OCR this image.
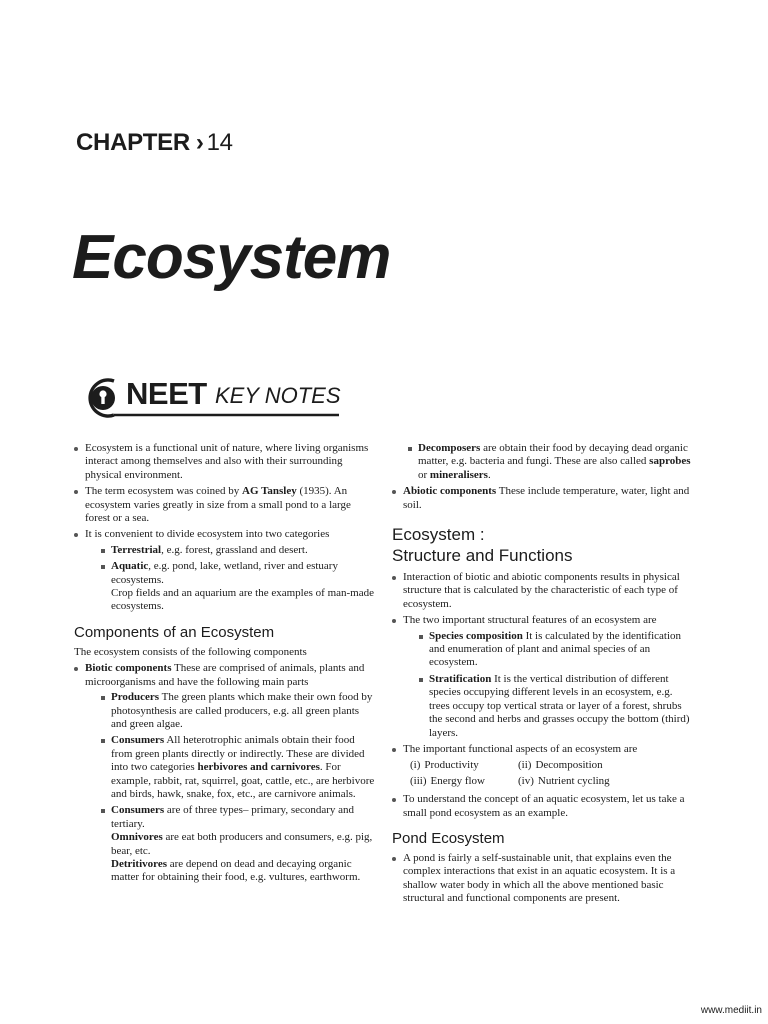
CHAPTER › 14
Ecosystem
NEET KEY NOTES
Ecosystem is a functional unit of nature, where living organisms interact among themselves and also with their surrounding physical environment.
The term ecosystem was coined by AG Tansley (1935). An ecosystem varies greatly in size from a small pond to a large forest or a sea.
It is convenient to divide ecosystem into two categories
Terrestrial, e.g. forest, grassland and desert.
Aquatic, e.g. pond, lake, wetland, river and estuary ecosystems.
Crop fields and an aquarium are the examples of man-made ecosystems.
Components of an Ecosystem

The ecosystem consists of the following components

Biotic components These are comprised of animals, plants and microorganisms and have the following main parts
Producers The green plants which make their own food by photosynthesis are called producers, e.g. all green plants and green algae.
Consumers All heterotrophic animals obtain their food from green plants directly or indirectly. These are divided into two categories herbivores and carnivores. For example, rabbit, rat, squirrel, goat, cattle, etc., are herbivore and birds, hawk, snake, fox, etc., are carnivore animals.
Consumers are of three types– primary, secondary and tertiary.
Omnivores are eat both producers and consumers, e.g. pig, bear, etc.
Detritivores are depend on dead and decaying organic matter for obtaining their food, e.g. vultures, earthworm.
Decomposers are obtain their food by decaying dead organic matter, e.g. bacteria and fungi. These are also called saprobes or mineralisers.
Abiotic components These include temperature, water, light and soil.
Ecosystem :
Structure and Functions
Interaction of biotic and abiotic components results in physical structure that is calculated by the characteristic of each type of ecosystem.
The two important structural features of an ecosystem are
Species composition It is calculated by the identification and enumeration of plant and animal species of an ecosystem.
Stratification It is the vertical distribution of different species occupying different levels in an ecosystem, e.g. trees occupy top vertical strata or layer of a forest, shrubs the second and herbs and grasses occupy the bottom (third) layers.
The important functional aspects of an ecosystem are
(i) Productivity	(ii) Decomposition
(iii) Energy flow	(iv) Nutrient cycling
To understand the concept of an aquatic ecosystem, let us take a small pond ecosystem as an example.
Pond Ecosystem
A pond is fairly a self-sustainable unit, that explains even the complex interactions that exist in an aquatic ecosystem. It is a shallow water body in which all the above mentioned basic structural and functional components are present.
www.mediit.in
